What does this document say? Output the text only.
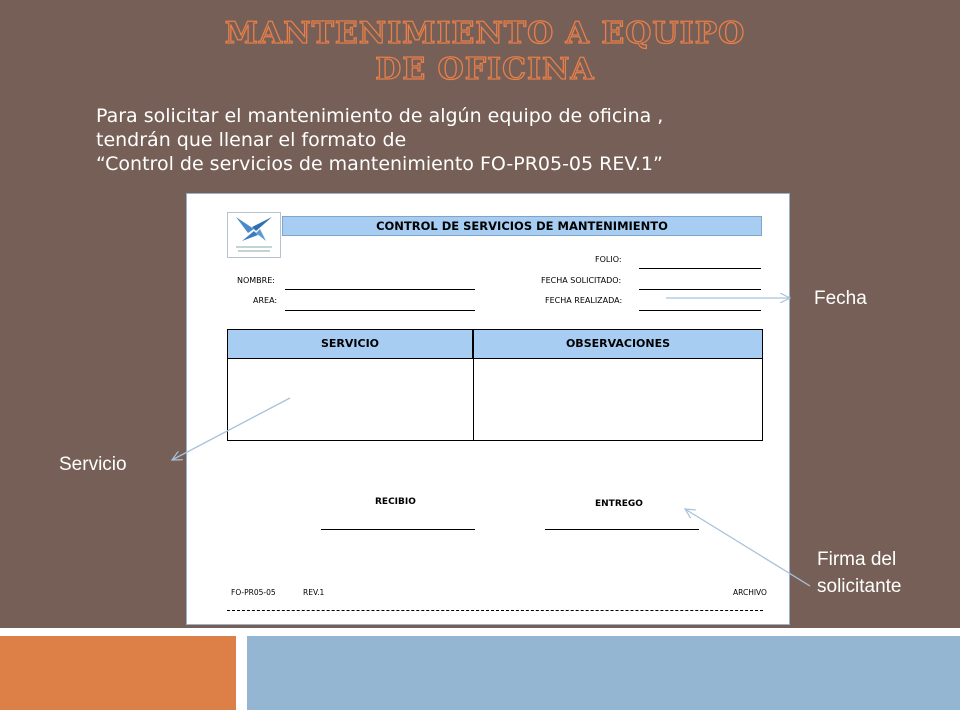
MANTENIMIENTO A EQUIPO DE OFICINA
Para solicitar el mantenimiento de algún equipo de oficina ,
tendrán que llenar el formato de
“Control de servicios de mantenimiento FO-PR05-05 REV.1”
CONTROL DE SERVICIOS DE MANTENIMIENTO
FOLIO:
NOMBRE:	FECHA SOLICITADO:
AREA:	FECHA REALIZADA:
SERVICIO	OBSERVACIONES
RECIBIO	ENTREGO
FO-PR05-05	REV.1	ARCHIVO
Fecha
Servicio
Firma del
solicitante
